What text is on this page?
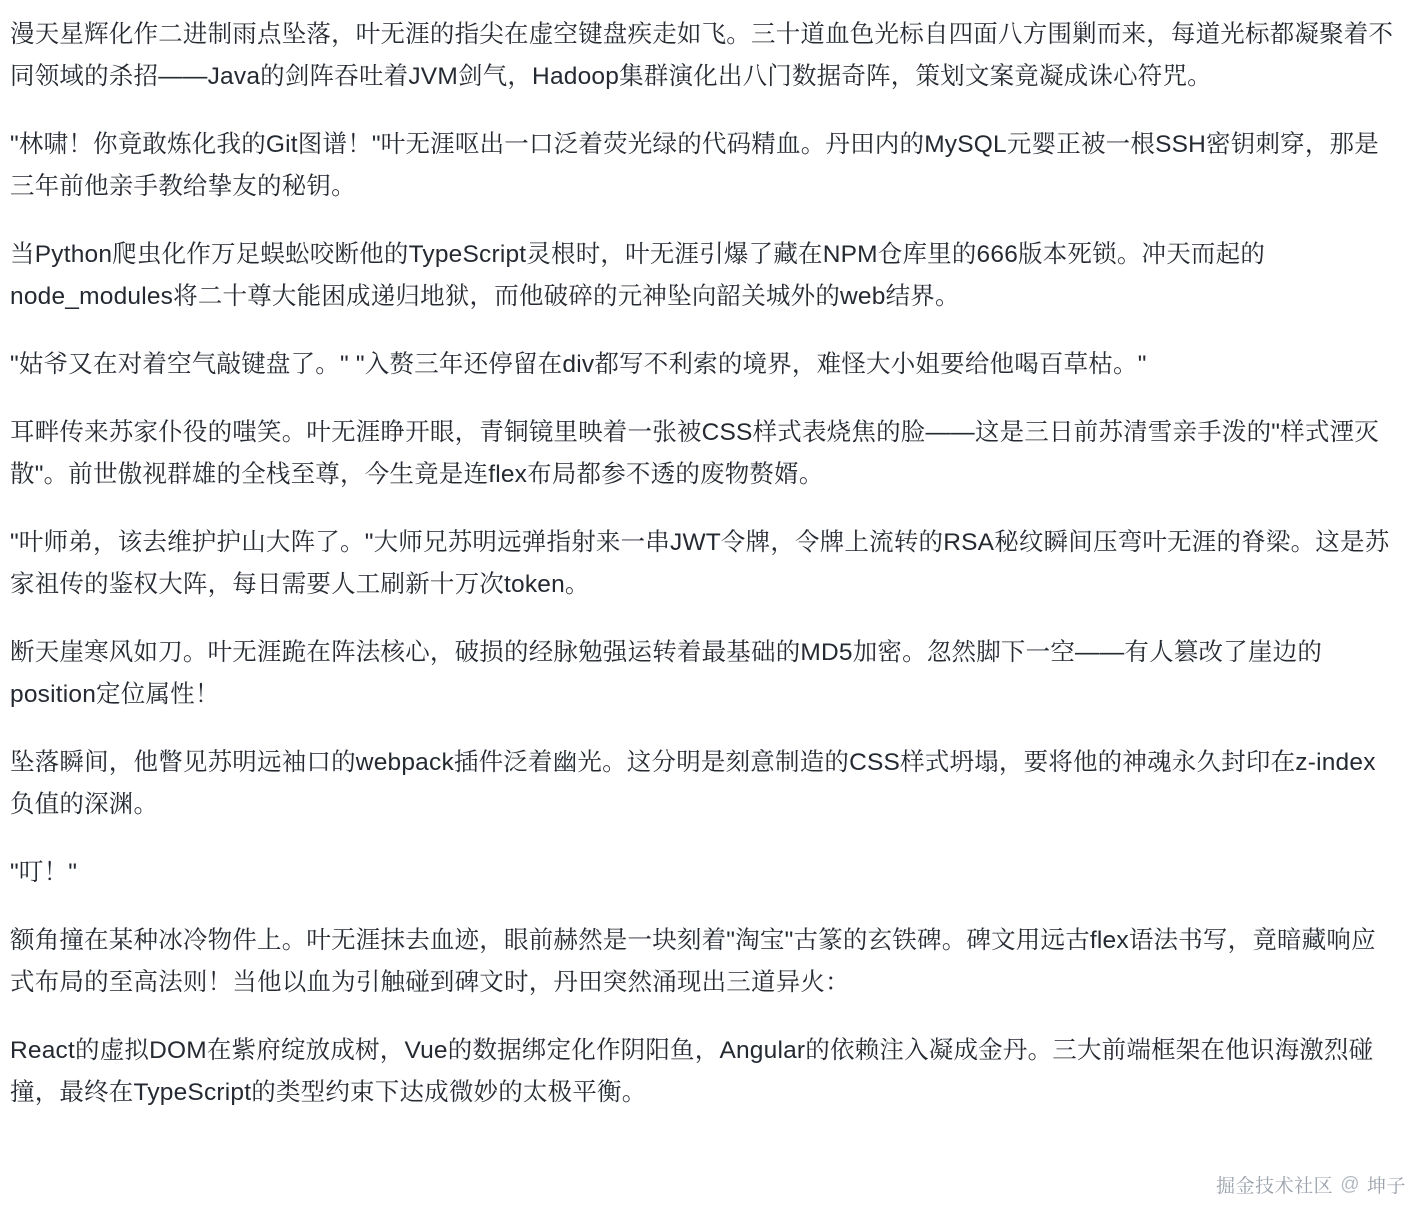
漫天星辉化作二进制雨点坠落，叶无涯的指尖在虚空键盘疾走如飞。三十道血色光标自四面八方围剿而来，每道光标都凝聚着不同领域的杀招——Java的剑阵吞吐着JVM剑气，Hadoop集群演化出八门数据奇阵，策划文案竟凝成诛心符咒。

"林啸！你竟敢炼化我的Git图谱！"叶无涯呕出一口泛着荧光绿的代码精血。丹田内的MySQL元婴正被一根SSH密钥刺穿，那是三年前他亲手教给挚友的秘钥。

当Python爬虫化作万足蜈蚣咬断他的TypeScript灵根时，叶无涯引爆了藏在NPM仓库里的666版本死锁。冲天而起的node_modules将二十尊大能困成递归地狱，而他破碎的元神坠向韶关城外的web结界。

"姑爷又在对着空气敲键盘了。" "入赘三年还停留在div都写不利索的境界，难怪大小姐要给他喝百草枯。"

耳畔传来苏家仆役的嗤笑。叶无涯睁开眼，青铜镜里映着一张被CSS样式表烧焦的脸——这是三日前苏清雪亲手泼的"样式湮灭散"。前世傲视群雄的全栈至尊，今生竟是连flex布局都参不透的废物赘婿。

"叶师弟，该去维护护山大阵了。"大师兄苏明远弹指射来一串JWT令牌，令牌上流转的RSA秘纹瞬间压弯叶无涯的脊梁。这是苏家祖传的鉴权大阵，每日需要人工刷新十万次token。

断天崖寒风如刀。叶无涯跪在阵法核心，破损的经脉勉强运转着最基础的MD5加密。忽然脚下一空——有人篡改了崖边的position定位属性！

坠落瞬间，他瞥见苏明远袖口的webpack插件泛着幽光。这分明是刻意制造的CSS样式坍塌，要将他的神魂永久封印在z-index负值的深渊。

"叮！"

额角撞在某种冰冷物件上。叶无涯抹去血迹，眼前赫然是一块刻着"淘宝"古篆的玄铁碑。碑文用远古flex语法书写，竟暗藏响应式布局的至高法则！当他以血为引触碰到碑文时，丹田突然涌现出三道异火：

React的虚拟DOM在紫府绽放成树，Vue的数据绑定化作阴阳鱼，Angular的依赖注入凝成金丹。三大前端框架在他识海激烈碰撞，最终在TypeScript的类型约束下达成微妙的太极平衡。

掘金技术社区 @ 坤子
